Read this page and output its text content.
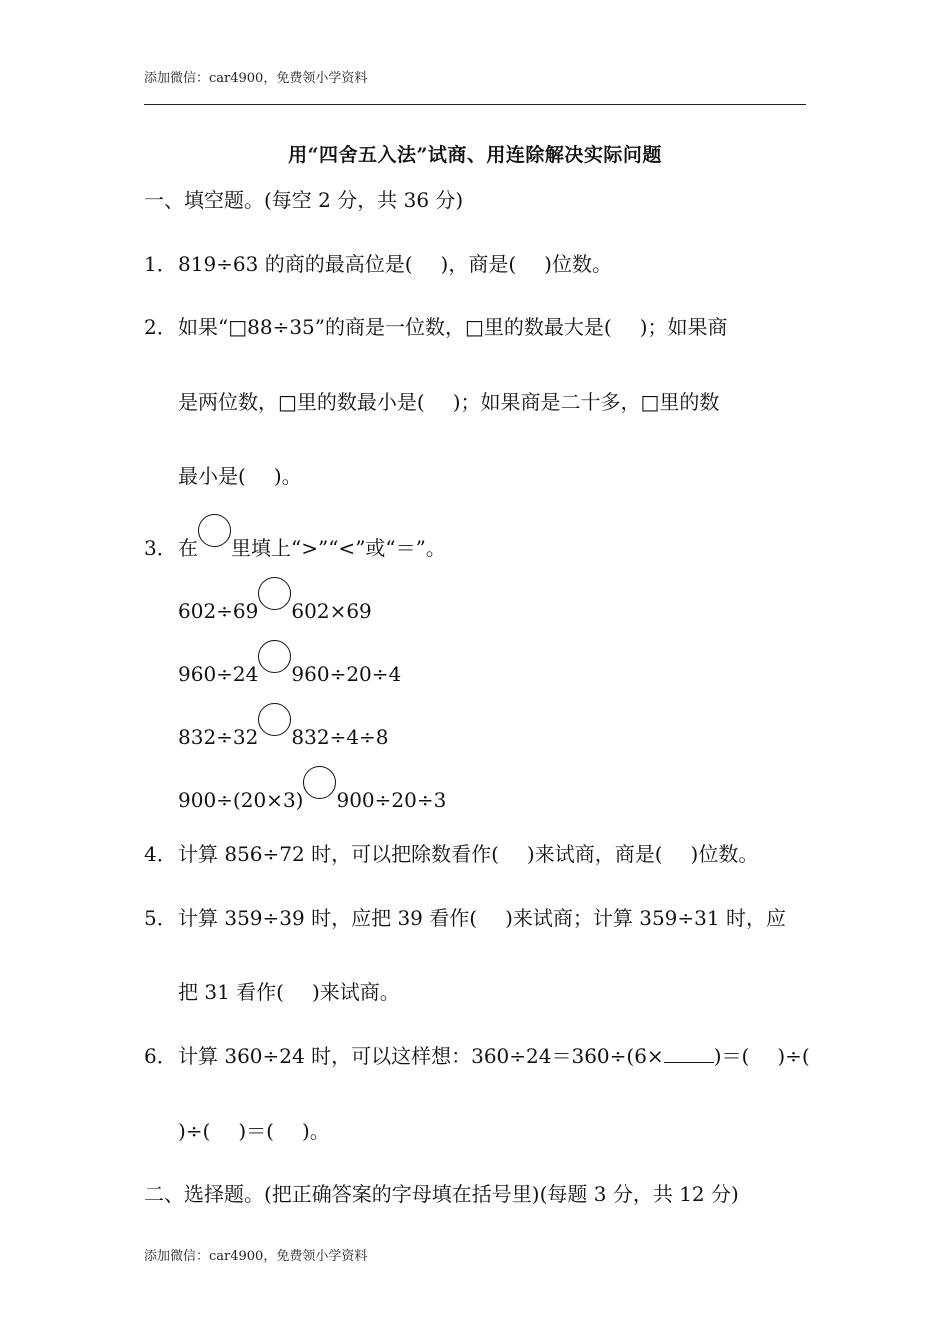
添加微信：car4900，免费领小学资料
用“四舍五入法”试商、用连除解决实际问题
一、填空题。(每空 2 分，共 36 分)
1．819÷63 的商的最高位是( )，商是( )位数。
2．如果“□88÷35”的商是一位数，□里的数最大是( )；如果商
是两位数，□里的数最小是( )；如果商是二十多，□里的数
最小是( )。
3．在 里填上“>”“<”或“＝”。
602÷69 602×69
960÷24 960÷20÷4
832÷32 832÷4÷8
900÷(20×3) 900÷20÷3
4．计算 856÷72 时，可以把除数看作( )来试商，商是( )位数。
5．计算 359÷39 时，应把 39 看作( )来试商；计算 359÷31 时，应
把 31 看作( )来试商。
6．计算 360÷24 时，可以这样想：360÷24＝360÷(6×	)＝( )÷(
)÷( )＝( )。
二、选择题。(把正确答案的字母填在括号里)(每题 3 分，共 12 分)
添加微信：car4900，免费领小学资料
